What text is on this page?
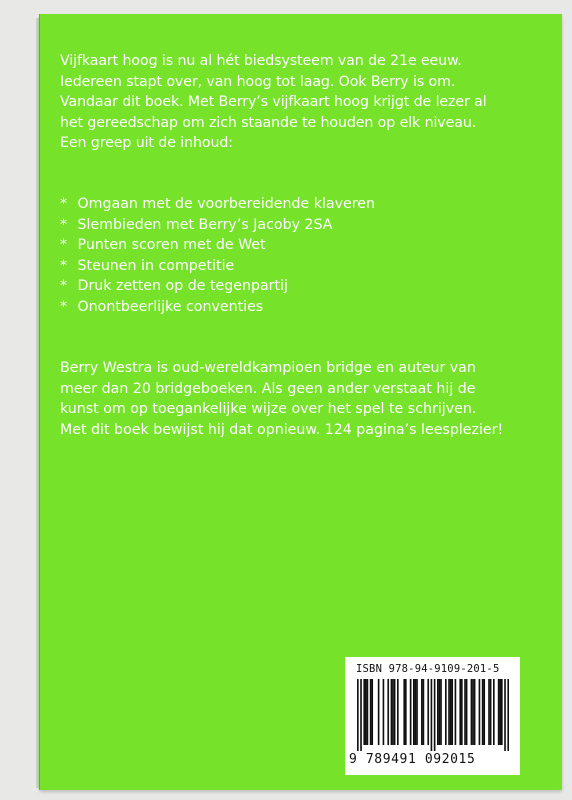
Vijfkaart hoog is nu al hét biedsysteem van de 21e eeuw.

Iedereen stapt over, van hoog tot laag. Ook Berry is om.

Vandaar dit boek. Met Berry’s vijfkaart hoog krijgt de lezer al

het gereedschap om zich staande te houden op elk niveau.

Een greep uit de inhoud:

* Omgaan met de voorbereidende klaveren
* Slembieden met Berry’s Jacoby 2SA
* Punten scoren met de Wet
* Steunen in competitie
* Druk zetten op de tegenpartij
* Onontbeerlijke conventies

Berry Westra is oud-wereldkampioen bridge en auteur van

meer dan 20 bridgeboeken. Als geen ander verstaat hij de

kunst om op toegankelijke wijze over het spel te schrijven.

Met dit boek bewijst hij dat opnieuw. 124 pagina’s leesplezier!

ISBN 978-94-9109-201-5
9 789491 092015
